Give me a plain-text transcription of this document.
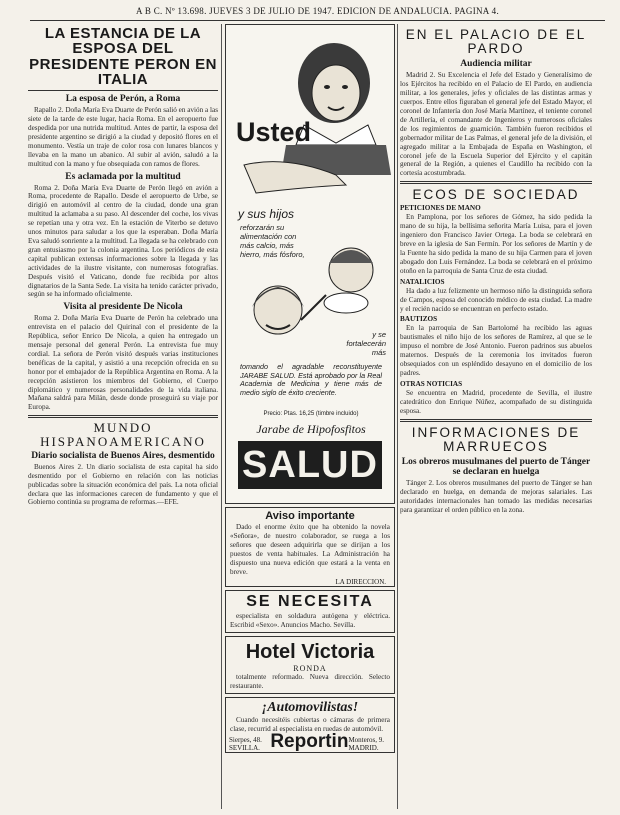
A B C. Nº 13.698. JUEVES 3 DE JULIO DE 1947. EDICION DE ANDALUCIA. PAGINA 4.
LA ESTANCIA DE LA ESPOSA DEL PRESIDENTE PERON EN ITALIA
La esposa de Perón, a Roma

Rapallo 2. Doña María Eva Duarte de Perón salió en avión a las siete de la tarde de este lugar, hacia Roma. En el aeropuerto fue despedida por una nutrida multitud. Antes de partir, la esposa del presidente argentino se dirigió a la ciudad y depositó flores en el monumento. Vestía un traje de color rosa con lunares blancos y llevaba en la mano un abanico. Al subir al avión, saludó a la multitud con la mano y fue obsequiada con ramos de flores.

Es aclamada por la multitud

Roma 2. Doña María Eva Duarte de Perón llegó en avión a Roma, procedente de Rapallo. Desde el aeropuerto de Urbe, se dirigió en automóvil al centro de la ciudad, donde una gran multitud la aclamaba a su paso. Al descender del coche, los vivas se repetían una y otra vez. En la estación de Viterbo se detuvo unos minutos para saludar a los que la esperaban. Doña María Eva saludó sonriente a la multitud. La llegada se ha celebrado con gran entusiasmo por la colonia argentina. Los periódicos de esta capital publican extensas informaciones sobre la llegada y las actividades de la ilustre visitante, con numerosas fotografías. Después visitó el Vaticano, donde fue recibida por altos dignatarios de la Santa Sede. La visita ha tenido carácter privado, según se ha informado oficialmente.

Visita al presidente De Nicola

Roma 2. Doña María Eva Duarte de Perón ha celebrado una entrevista en el palacio del Quirinal con el presidente de la República, señor Enrico De Nicola, a quien ha entregado un mensaje personal del general Perón. La entrevista fue muy cordial. La señora de Perón visitó después varias instituciones benéficas de la capital, y asistió a una recepción ofrecida en su honor por el embajador de la República Argentina en Roma. A la recepción asistieron los miembros del Gobierno, el Cuerpo diplomático y numerosas personalidades de la vida italiana. Mañana saldrá para Milán, desde donde proseguirá su viaje por Europa.

MUNDO HISPANOAMERICANO
Diario socialista de Buenos Aires, desmentido

Buenos Aires 2. Un diario socialista de esta capital ha sido desmentido por el Gobierno en relación con las noticias publicadas sobre la situación económica del país. La nota oficial declara que las informaciones carecen de fundamento y que el Gobierno continúa su programa de reformas.—EFE.

Usted
y sus hijos
reforzarán su alimentación con más calcio, más hierro, más fósforo,
y se fortalecerán más
tomando el agradable reconstituyente JARABE SALUD. Está aprobado por la Real Academia de Medicina y tiene más de medio siglo de éxito creciente.
Precio: Ptas. 16,25 (timbre incluido)
Jarabe de Hipofosfitos
SALUD
Aviso importante

Dado el enorme éxito que ha obtenido la novela «Señora», de nuestro colaborador, se ruega a los señores que deseen adquirirla que se dirijan a los puestos de venta habituales. La Administración ha dispuesto una nueva edición que estará a la venta en breve.

LA DIRECCION.
SE NECESITA

especialista en soldadura autógena y eléctrica. Escribid «Sexo». Anuncios Macho. Sevilla.

Hotel Victoria
RONDA

totalmente reformado. Nueva dirección. Selecto restaurante.

¡Automovilistas!

Cuando necesitéis cubiertas o cámaras de primera clase, recurrid al especialista en ruedas de automóvil.

Sierpes, 48. SEVILLA. Reportin Monteros, 9. MADRID.
EN EL PALACIO DE EL PARDO
Audiencia militar

Madrid 2. Su Excelencia el Jefe del Estado y Generalísimo de los Ejércitos ha recibido en el Palacio de El Pardo, en audiencia militar, a los generales, jefes y oficiales de las distintas armas y cuerpos. Entre ellos figuraban el general jefe del Estado Mayor, el coronel de Infantería don José María Martínez, el teniente coronel de Artillería, el comandante de Ingenieros y numerosos oficiales de los regimientos de guarnición. También fueron recibidos el gobernador militar de Las Palmas, el general jefe de la división, el agregado militar a la Embajada de España en Washington, el coronel jefe de la Escuela Superior del Ejército y el capitán general de la Región, a quienes el Caudillo ha recibido con la cortesía acostumbrada.

ECOS DE SOCIEDAD
PETICIONES DE MANO

En Pamplona, por los señores de Gómez, ha sido pedida la mano de su hija, la bellísima señorita María Luisa, para el joven ingeniero don Francisco Javier Ortega. La boda se celebrará en breve en la iglesia de San Fermín. Por los señores de Martín y de la Fuente ha sido pedida la mano de su hija Carmen para el joven abogado don Luis Fernández. La boda se celebrará en el próximo otoño en la parroquia de Santa Cruz de esta ciudad.

NATALICIOS

Ha dado a luz felizmente un hermoso niño la distinguida señora de Campos, esposa del conocido médico de esta ciudad. La madre y el recién nacido se encuentran en perfecto estado.

BAUTIZOS

En la parroquia de San Bartolomé ha recibido las aguas bautismales el niño hijo de los señores de Ramírez, al que se le impuso el nombre de José Antonio. Fueron padrinos sus abuelos maternos. Después de la ceremonia los invitados fueron obsequiados con un espléndido desayuno en el domicilio de los padres.

OTRAS NOTICIAS

Se encuentra en Madrid, procedente de Sevilla, el ilustre catedrático don Enrique Núñez, acompañado de su distinguida esposa.

INFORMACIONES DE MARRUECOS
Los obreros musulmanes del puerto de Tánger se declaran en huelga

Tánger 2. Los obreros musulmanes del puerto de Tánger se han declarado en huelga, en demanda de mejoras salariales. Las autoridades internacionales han tomado las medidas necesarias para garantizar el orden público en la zona.
